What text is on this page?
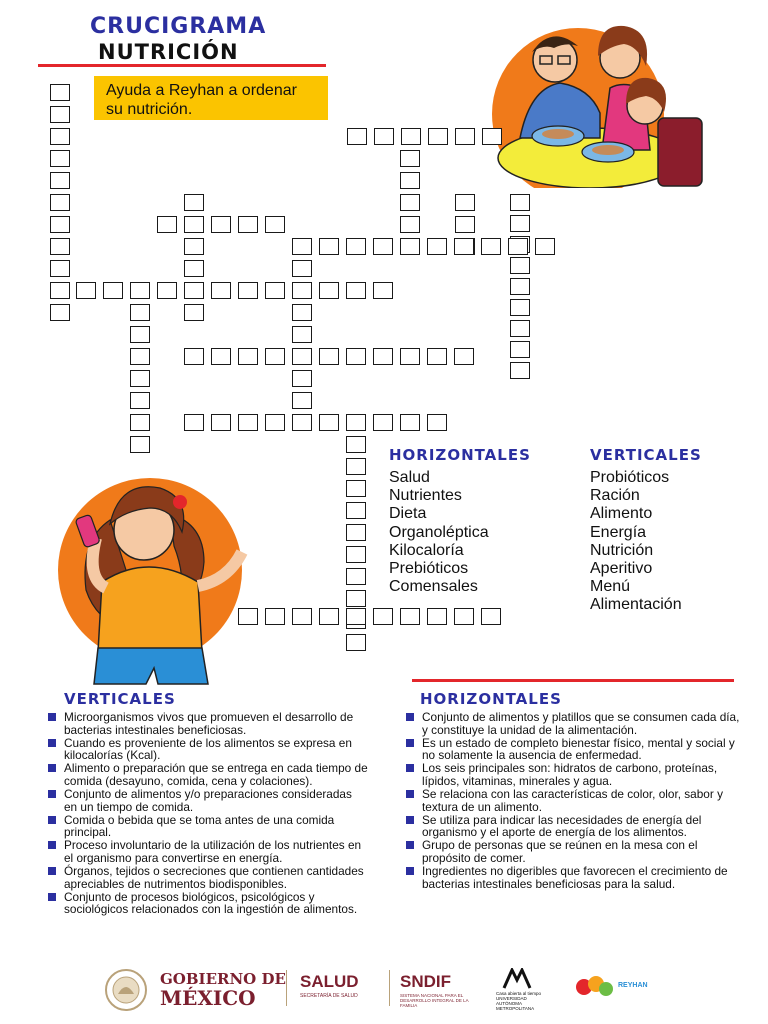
CRUCIGRAMA
NUTRICIÓN
Ayuda a Reyhan a ordenar su nutrición.
HORIZONTALES
Salud
Nutrientes
Dieta
Organoléptica
Kilocaloría
Prebióticos
Comensales
VERTICALES
Probióticos
Ración
Alimento
Energía
Nutrición
Aperitivo
Menú
Alimentación
VERTICALES
Microorganismos vivos que promueven el desarrollo de bacterias intestinales beneficiosas.
Cuando es proveniente de los alimentos se expresa en kilocalorías (Kcal).
Alimento o preparación que se entrega en cada tiempo de comida (desayuno, comida, cena y colaciones).
Conjunto de alimentos y/o preparaciones consideradas en un tiempo de comida.
Comida o bebida que se toma antes de una comida principal.
Proceso involuntario de la utilización de los nutrientes en el organismo para convertirse en energía.
Órganos, tejidos o secreciones que contienen cantidades apreciables de nutrimentos biodisponibles.
Conjunto de procesos biológicos, psicológicos y sociológicos relacionados con la ingestión de alimentos.
HORIZONTALES
Conjunto de alimentos y platillos que se consumen cada día, y constituye la unidad de la alimentación.
Es un estado de completo bienestar físico, mental y social y no solamente la ausencia de enfermedad.
Los seis principales son: hidratos de carbono, proteínas, lípidos, vitaminas, minerales y agua.
Se relaciona con las características de color, olor, sabor y textura de un alimento.
Se utiliza para indicar las necesidades de energía del organismo y el aporte de energía de los alimentos.
Grupo de personas que se reúnen en la mesa con el propósito de comer.
Ingredientes no digeribles que favorecen el crecimiento de bacterias intestinales beneficiosas para la salud.
GOBIERNO DE
MÉXICO
SALUD
SECRETARÍA DE SALUD
SNDIF
SISTEMA NACIONAL PARA EL DESARROLLO INTEGRAL DE LA FAMILIA
Casa abierta al tiempo UNIVERSIDAD AUTÓNOMA METROPOLITANA
REYHAN
